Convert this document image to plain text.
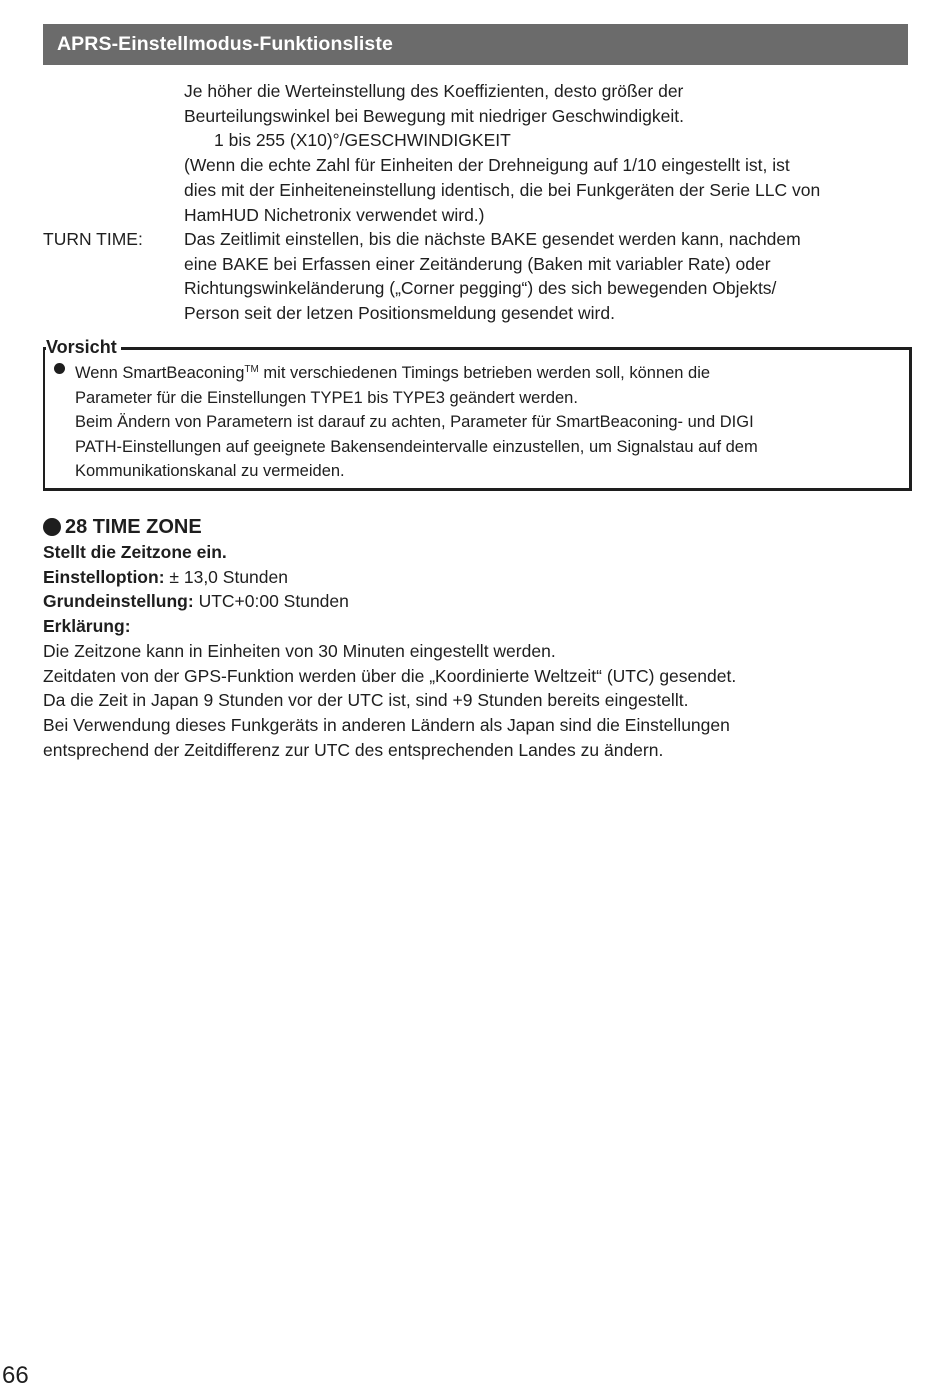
APRS-Einstellmodus-Funktionsliste
Je höher die Werteinstellung des Koeffizienten, desto größer der
Beurteilungswinkel bei Bewegung mit niedriger Geschwindigkeit.
1 bis 255 (X10)°/GESCHWINDIGKEIT
(Wenn die echte Zahl für Einheiten der Drehneigung auf 1/10 eingestellt ist, ist
dies mit der Einheiteneinstellung identisch, die bei Funkgeräten der Serie LLC von
HamHUD Nichetronix verwendet wird.)
TURN TIME: Das Zeitlimit einstellen, bis die nächste BAKE gesendet werden kann, nachdem
eine BAKE bei Erfassen einer Zeitänderung (Baken mit variabler Rate) oder
Richtungswinkeländerung („Corner pegging“) des sich bewegenden Objekts/
Person seit der letzen Positionsmeldung gesendet wird.
Vorsicht
Wenn SmartBeaconing™ mit verschiedenen Timings betrieben werden soll, können die
Parameter für die Einstellungen TYPE1 bis TYPE3 geändert werden.
Beim Ändern von Parametern ist darauf zu achten, Parameter für SmartBeaconing- und DIGI
PATH-Einstellungen auf geeignete Bakensendeintervalle einzustellen, um Signalstau auf dem
Kommunikationskanal zu vermeiden.
28 TIME ZONE
Stellt die Zeitzone ein.
Einstelloption: ± 13,0 Stunden
Grundeinstellung: UTC+0:00 Stunden
Erklärung:
Die Zeitzone kann in Einheiten von 30 Minuten eingestellt werden.
Zeitdaten von der GPS-Funktion werden über die „Koordinierte Weltzeit“ (UTC) gesendet.
Da die Zeit in Japan 9 Stunden vor der UTC ist, sind +9 Stunden bereits eingestellt.
Bei Verwendung dieses Funkgeräts in anderen Ländern als Japan sind die Einstellungen
entsprechend der Zeitdifferenz zur UTC des entsprechenden Landes zu ändern.
66
